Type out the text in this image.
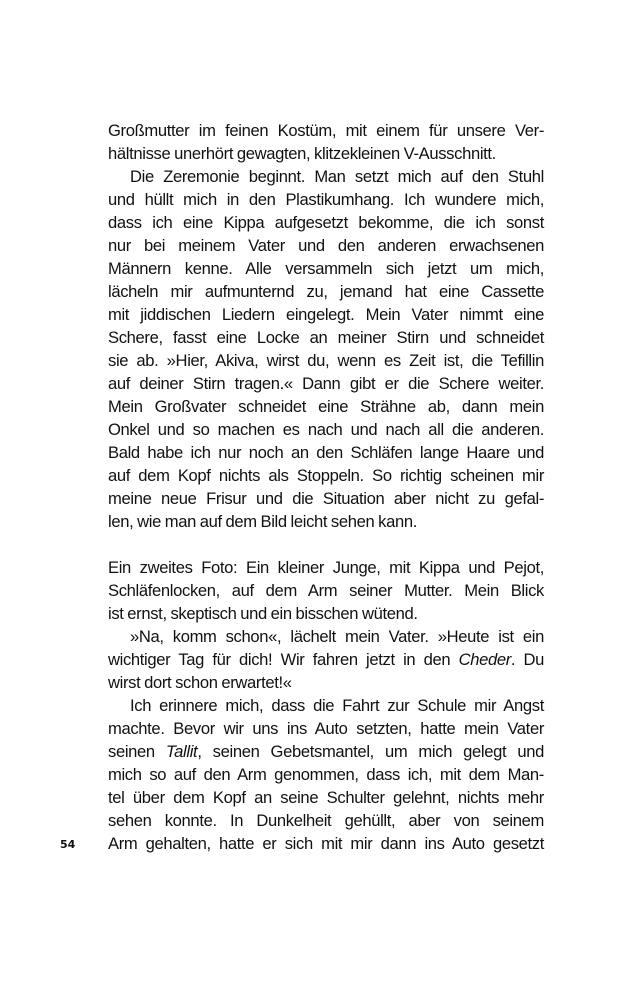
Großmutter im feinen Kostüm, mit einem für unsere Ver-
hältnisse unerhört gewagten, klitzekleinen V-Ausschnitt.
Die Zeremonie beginnt. Man setzt mich auf den Stuhl
und hüllt mich in den Plastikumhang. Ich wundere mich,
dass ich eine Kippa aufgesetzt bekomme, die ich sonst
nur bei meinem Vater und den anderen erwachsenen
Männern kenne. Alle versammeln sich jetzt um mich,
lächeln mir aufmunternd zu, jemand hat eine Cassette
mit jiddischen Liedern eingelegt. Mein Vater nimmt eine
Schere, fasst eine Locke an meiner Stirn und schneidet
sie ab. »Hier, Akiva, wirst du, wenn es Zeit ist, die Tefillin
auf deiner Stirn tragen.« Dann gibt er die Schere weiter.
Mein Großvater schneidet eine Strähne ab, dann mein
Onkel und so machen es nach und nach all die anderen.
Bald habe ich nur noch an den Schläfen lange Haare und
auf dem Kopf nichts als Stoppeln. So richtig scheinen mir
meine neue Frisur und die Situation aber nicht zu gefal-
len, wie man auf dem Bild leicht sehen kann.
Ein zweites Foto: Ein kleiner Junge, mit Kippa und Pejot,
Schläfenlocken, auf dem Arm seiner Mutter. Mein Blick
ist ernst, skeptisch und ein bisschen wütend.
»Na, komm schon«, lächelt mein Vater. »Heute ist ein
wichtiger Tag für dich! Wir fahren jetzt in den Cheder. Du
wirst dort schon erwartet!«
Ich erinnere mich, dass die Fahrt zur Schule mir Angst
machte. Bevor wir uns ins Auto setzten, hatte mein Vater
seinen Tallit, seinen Gebetsmantel, um mich gelegt und
mich so auf den Arm genommen, dass ich, mit dem Man-
tel über dem Kopf an seine Schulter gelehnt, nichts mehr
sehen konnte. In Dunkelheit gehüllt, aber von seinem
Arm gehalten, hatte er sich mit mir dann ins Auto gesetzt
54
